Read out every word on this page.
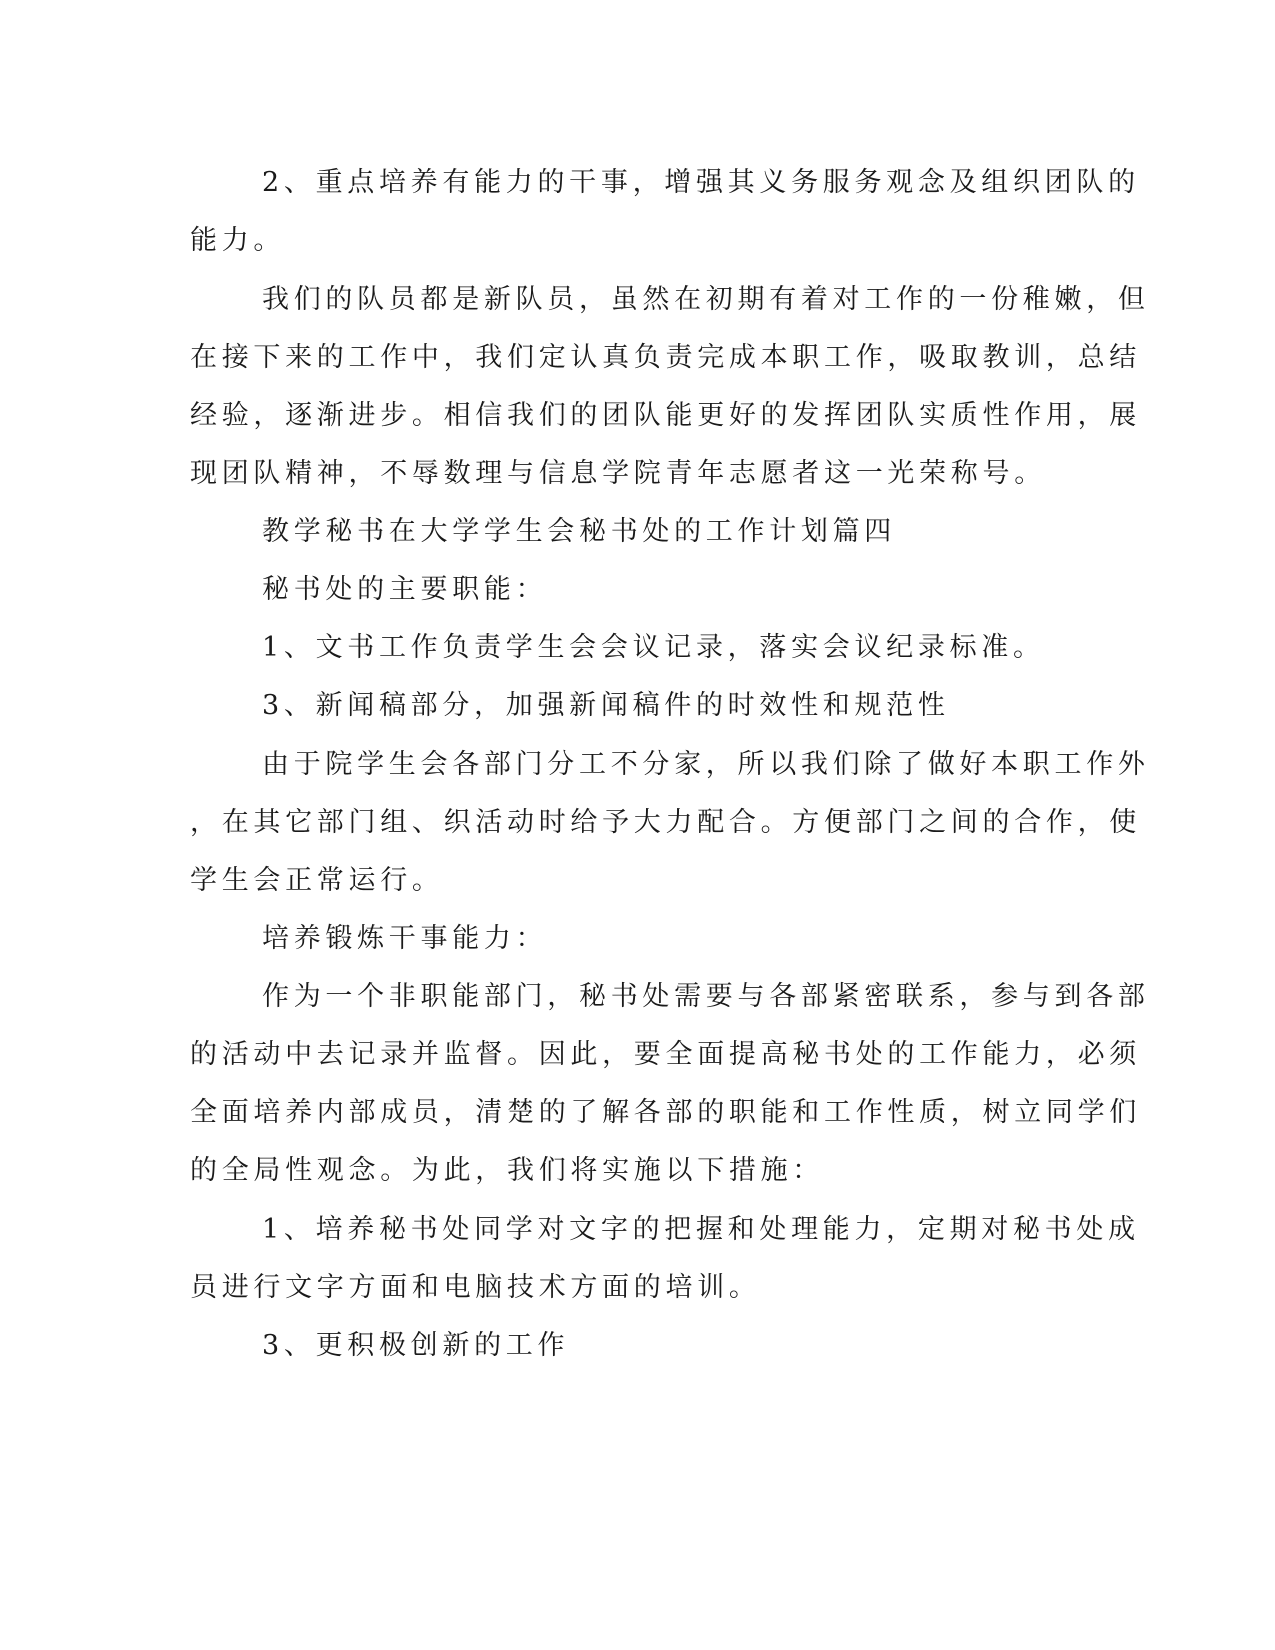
2、重点培养有能力的干事，增强其义务服务观念及组织团队的

能力。

我们的队员都是新队员，虽然在初期有着对工作的一份稚嫩，但

在接下来的工作中，我们定认真负责完成本职工作，吸取教训，总结

经验，逐渐进步。相信我们的团队能更好的发挥团队实质性作用，展

现团队精神，不辱数理与信息学院青年志愿者这一光荣称号。

教学秘书在大学学生会秘书处的工作计划篇四

秘书处的主要职能：

1、文书工作负责学生会会议记录，落实会议纪录标准。

3、新闻稿部分，加强新闻稿件的时效性和规范性

由于院学生会各部门分工不分家，所以我们除了做好本职工作外

，在其它部门组、织活动时给予大力配合。方便部门之间的合作，使

学生会正常运行。

培养锻炼干事能力：

作为一个非职能部门，秘书处需要与各部紧密联系，参与到各部

的活动中去记录并监督。因此，要全面提高秘书处的工作能力，必须

全面培养内部成员，清楚的了解各部的职能和工作性质，树立同学们

的全局性观念。为此，我们将实施以下措施：

1、培养秘书处同学对文字的把握和处理能力，定期对秘书处成

员进行文字方面和电脑技术方面的培训。

3、更积极创新的工作
